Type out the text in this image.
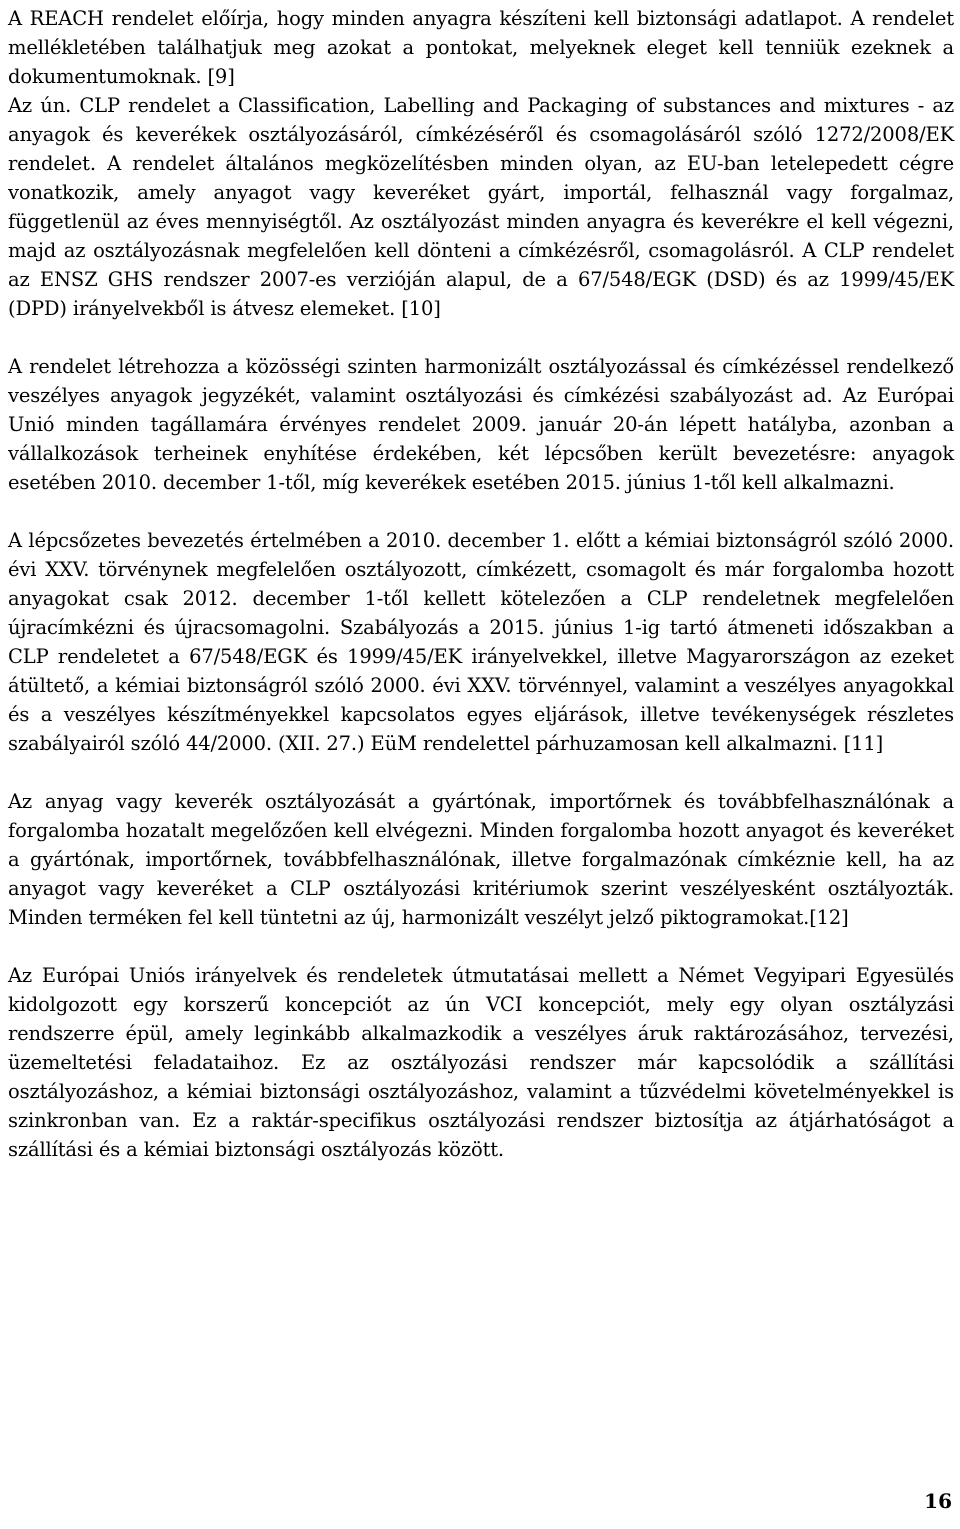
A REACH rendelet előírja, hogy minden anyagra készíteni kell biztonsági adatlapot. A rendelet mellékletében találhatjuk meg azokat a pontokat, melyeknek eleget kell tenniük ezeknek a dokumentumoknak. [9]

Az ún. CLP rendelet a Classification, Labelling and Packaging of substances and mixtures - az anyagok és keverékek osztályozásáról, címkézéséről és csomagolásáról szóló 1272/2008/EK rendelet. A rendelet általános megközelítésben minden olyan, az EU-ban letelepedett cégre vonatkozik, amely anyagot vagy keveréket gyárt, importál, felhasznál vagy forgalmaz, függetlenül az éves mennyiségtől. Az osztályozást minden anyagra és keverékre el kell végezni, majd az osztályozásnak megfelelően kell dönteni a címkézésről, csomagolásról. A CLP rendelet az ENSZ GHS rendszer 2007-es verzióján alapul, de a 67/548/EGK (DSD) és az 1999/45/EK (DPD) irányelvekből is átvesz elemeket. [10]

A rendelet létrehozza a közösségi szinten harmonizált osztályozással és címkézéssel rendelkező veszélyes anyagok jegyzékét, valamint osztályozási és címkézési szabályozást ad. Az Európai Unió minden tagállamára érvényes rendelet 2009. január 20-án lépett hatályba, azonban a vállalkozások terheinek enyhítése érdekében, két lépcsőben került bevezetésre: anyagok esetében 2010. december 1-től, míg keverékek esetében 2015. június 1-től kell alkalmazni.

A lépcsőzetes bevezetés értelmében a 2010. december 1. előtt a kémiai biztonságról szóló 2000. évi XXV. törvénynek megfelelően osztályozott, címkézett, csomagolt és már forgalomba hozott anyagokat csak 2012. december 1-től kellett kötelezően a CLP rendeletnek megfelelően újracímkézni és újracsomagolni. Szabályozás a 2015. június 1-ig tartó átmeneti időszakban a CLP rendeletet a 67/548/EGK és 1999/45/EK irányelvekkel, illetve Magyarországon az ezeket átültető, a kémiai biztonságról szóló 2000. évi XXV. törvénnyel, valamint a veszélyes anyagokkal és a veszélyes készítményekkel kapcsolatos egyes eljárások, illetve tevékenységek részletes szabályairól szóló 44/2000. (XII. 27.) EüM rendelettel párhuzamosan kell alkalmazni. [11]

Az anyag vagy keverék osztályozását a gyártónak, importőrnek és továbbfelhasználónak a forgalomba hozatalt megelőzően kell elvégezni. Minden forgalomba hozott anyagot és keveréket a gyártónak, importőrnek, továbbfelhasználónak, illetve forgalmazónak címkéznie kell, ha az anyagot vagy keveréket a CLP osztályozási kritériumok szerint veszélyesként osztályozták. Minden terméken fel kell tüntetni az új, harmonizált veszélyt jelző piktogramokat.[12]

Az Európai Uniós irányelvek és rendeletek útmutatásai mellett a Német Vegyipari Egyesülés kidolgozott egy korszerű koncepciót az ún VCI koncepciót, mely egy olyan osztályzási rendszerre épül, amely leginkább alkalmazkodik a veszélyes áruk raktározásához, tervezési, üzemeltetési feladataihoz. Ez az osztályozási rendszer már kapcsolódik a szállítási osztályozáshoz, a kémiai biztonsági osztályozáshoz, valamint a tűzvédelmi követelményekkel is szinkronban van. Ez a raktár-specifikus osztályozási rendszer biztosítja az átjárhatóságot a szállítási és a kémiai biztonsági osztályozás között.

16
